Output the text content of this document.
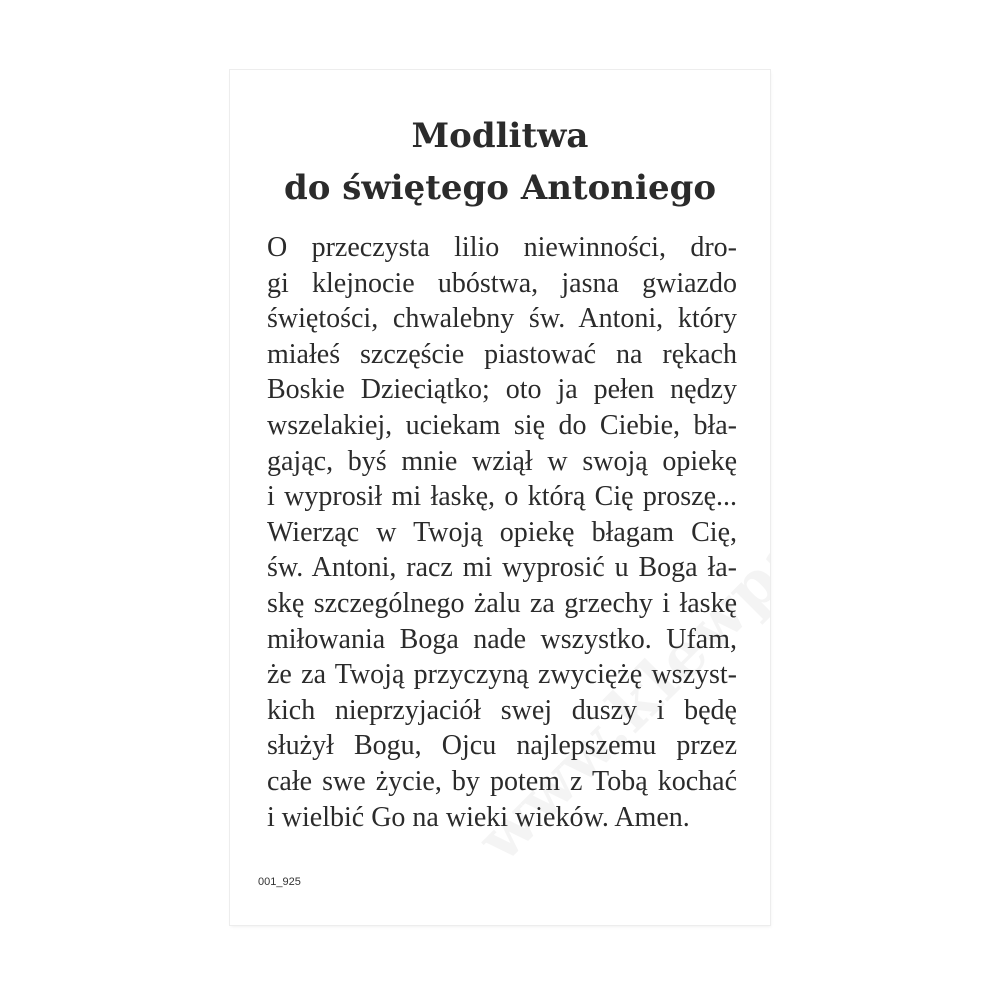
Modlitwa
do świętego Antoniego
O przeczysta lilio niewinności, dro-
gi klejnocie ubóstwa, jasna gwiazdo
świętości, chwalebny św. Antoni, który
miałeś szczęście piastować na rękach
Boskie Dzieciątko; oto ja pełen nędzy
wszelakiej, uciekam się do Ciebie, bła-
gając, byś mnie wziął w swoją opiekę
i wyprosił mi łaskę, o którą Cię proszę...
Wierząc w Twoją opiekę błagam Cię,
św. Antoni, racz mi wyprosić u Boga ła-
skę szczególnego żalu za grzechy i łaskę
miłowania Boga nade wszystko. Ufam,
że za Twoją przyczyną zwyciężę wszyst-
kich nieprzyjaciół swej duszy i będę
służył Bogu, Ojcu najlepszemu przez
całe swe życie, by potem z Tobą kochać
i wielbić Go na wieki wieków. Amen.
001_925
